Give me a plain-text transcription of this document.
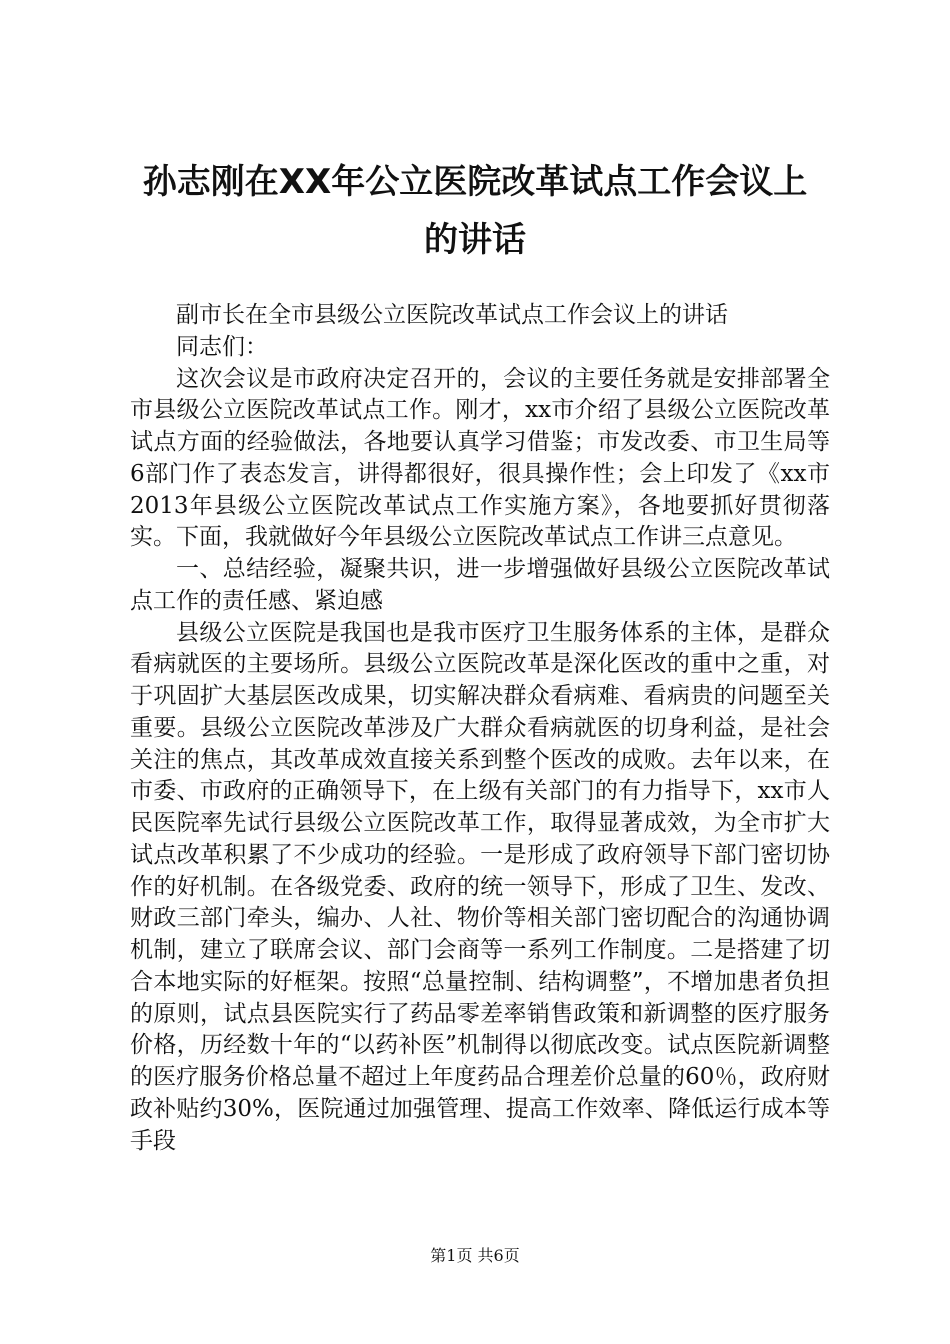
孙志刚在XX年公立医院改革试点工作会议上
的讲话

副市长在全市县级公立医院改革试点工作会议上的讲话

同志们：

这次会议是市政府决定召开的，会议的主要任务就是安排部署全市县级公立医院改革试点工作。刚才，xx市介绍了县级公立医院改革试点方面的经验做法，各地要认真学习借鉴；市发改委、市卫生局等6部门作了表态发言，讲得都很好，很具操作性；会上印发了《xx市2013年县级公立医院改革试点工作实施方案》，各地要抓好贯彻落实。下面，我就做好今年县级公立医院改革试点工作讲三点意见。

一、总结经验，凝聚共识，进一步增强做好县级公立医院改革试点工作的责任感、紧迫感

县级公立医院是我国也是我市医疗卫生服务体系的主体，是群众看病就医的主要场所。县级公立医院改革是深化医改的重中之重，对于巩固扩大基层医改成果，切实解决群众看病难、看病贵的问题至关重要。县级公立医院改革涉及广大群众看病就医的切身利益，是社会关注的焦点，其改革成效直接关系到整个医改的成败。去年以来，在市委、市政府的正确领导下，在上级有关部门的有力指导下，xx市人民医院率先试行县级公立医院改革工作，取得显著成效，为全市扩大试点改革积累了不少成功的经验。一是形成了政府领导下部门密切协作的好机制。在各级党委、政府的统一领导下，形成了卫生、发改、财政三部门牵头，编办、人社、物价等相关部门密切配合的沟通协调机制，建立了联席会议、部门会商等一系列工作制度。二是搭建了切合本地实际的好框架。按照“总量控制、结构调整”，不增加患者负担的原则，试点县医院实行了药品零差率销售政策和新调整的医疗服务价格，历经数十年的“以药补医”机制得以彻底改变。试点医院新调整的医疗服务价格总量不超过上年度药品合理差价总量的60％，政府财政补贴约30%，医院通过加强管理、提高工作效率、降低运行成本等手段

第1页 共6页
